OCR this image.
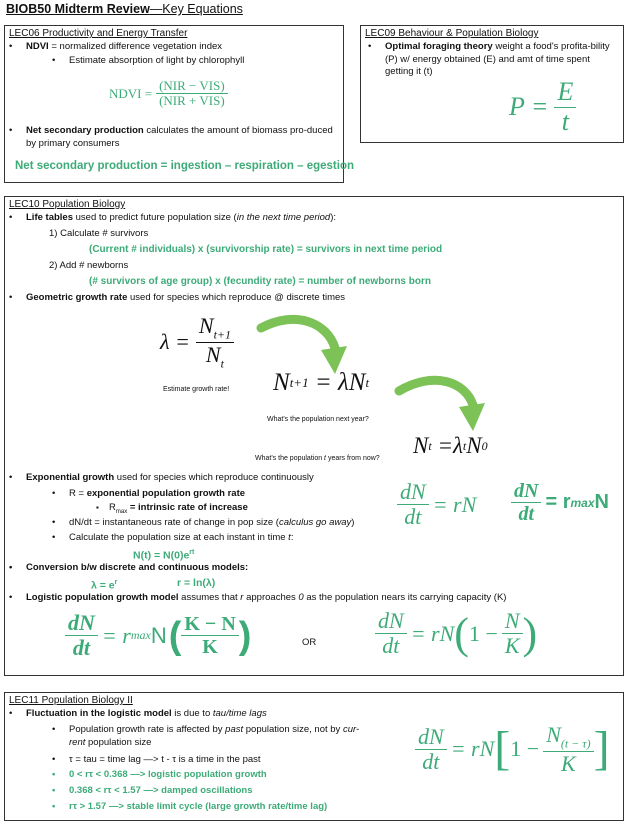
BIOB50 Midterm Review—Key Equations
LEC06 Productivity and Energy Transfer
• NDVI = normalized difference vegetation index
• Estimate absorption of light by chlorophyll
NDVI = $\frac{\text{(NIR − VIS)}}{\text{(NIR + VIS)}}$
• Net secondary production calculates the amount of biomass pro-duced by primary consumers
Net secondary production = ingestion – respiration – egestion
LEC09 Behaviour & Population Biology
• Optimal foraging theory weight a food's profita-bility (P) w/ energy obtained (E) and amt of time spent getting it (t)
$P = \frac{E}{t}$
LEC10 Population Biology
• Life tables used to predict future population size (in the next time period):
1) Calculate # survivors
(Current # individuals) x (survivorship rate) = survivors in next time period
2) Add # newborns
(# survivors of age group) x (fecundity rate) = number of newborns born
• Geometric growth rate used for species which reproduce @ discrete times
$\lambda = \frac{N_{t+1}}{N_t}$
Estimate growth rate! N t+1 = λN t
What's the population next year?
What's the population t years from now?
N t =λ t N 0
• Exponential growth used for species which reproduce continuously
• R = exponential population growth rate
▪ $R_{max}$ = intrinsic rate of increase
• dN/dt = instantaneous rate of change in pop size (calculus go away)
• Calculate the population size at each instant in time t:
$N(t) = N(0)e^{rt}$
$\frac{dN}{dt}$ = rN $\frac{dN}{dt} = r$ max N
• Conversion b/w discrete and continuous models:
$\lambda = e^r$	r = ln(λ)
• Logistic population growth model assumes that r approaches 0 as the population nears its carrying capacity (K)
$\frac{dN}{dt} = r$ max N ( $\frac{K - N}{K}$ )	OR	$\frac{dN}{dt}$ = rN ( $1 - \frac{N}{K}$ )
LEC11 Population Biology II
• Fluctuation in the logistic model is due to tau/time lags
• Population growth rate is affected by past population size, not by cur-rent population size
• τ = tau = time lag —> t - τ is a time in the past
• 0 < rτ < 0.368 —> logistic population growth
• 0.368 < rτ < 1.57 —> damped oscillations
• rτ > 1.57 —> stable limit cycle (large growth rate/time lag)
$\frac{dN}{dt}$ = rN [ $1 - \frac{N_{(t - \tau)}}{K}$ ]
